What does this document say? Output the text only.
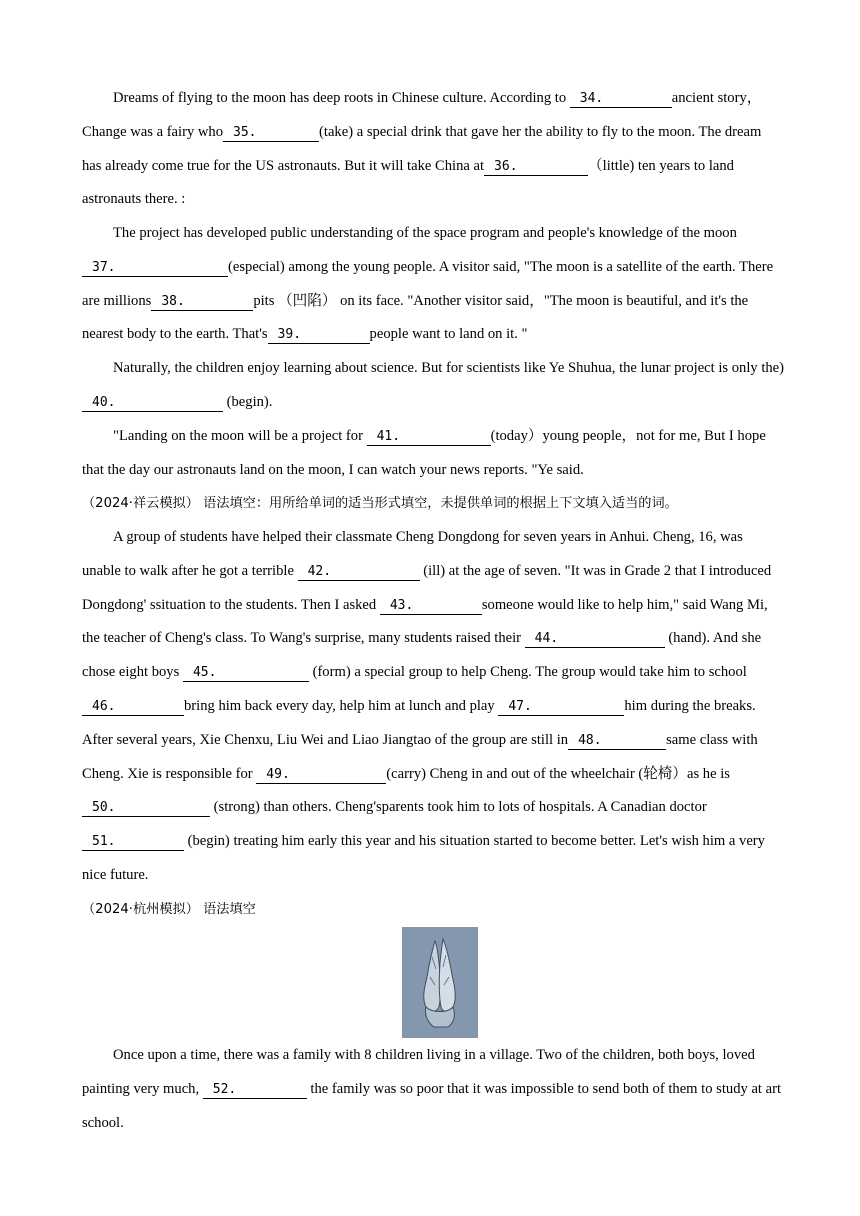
Dreams of flying to the moon has deep roots in Chinese culture. According to 34.	ancient story，Change was a fairy who 35.	(take) a special drink that gave her the ability to fly to the moon. The dream has already come true for the US astronauts. But it will take China at 36.	（little) ten years to land astronauts there. :

The project has developed public understanding of the space program and people's knowledge of the moon37.	(especial) among the young people. A visitor said, "The moon is a satellite of the earth. There are millions 38.	pits （凹陷） on its face. "Another visitor said，"The moon is beautiful, and it's the nearest body to the earth. That's 39.	people want to land on it. "

Naturally, the children enjoy learning about science. But for scientists like Ye Shuhua, the lunar project is only the)40.	(begin).

"Landing on the moon will be a project for 41.	(today）young people，not for me, But I hope that the day our astronauts land on the moon, I can watch your news reports. "Ye said.

（2024·祥云模拟） 语法填空：用所给单词的适当形式填空，未提供单词的根据上下文填入适当的词。

A group of students have helped their classmate Cheng Dongdong for seven years in Anhui. Cheng, 16, was unable to walk after he got a terrible 42.	(ill) at the age of seven. "It was in Grade 2 that I introduced Dongdong' ssituation to the students. Then I asked 43.	someone would like to help him," said Wang Mi, the teacher of Cheng's class. To Wang's surprise, many students raised their 44.	(hand). And she chose eight boys 45.	(form) a special group to help Cheng. The group would take him to school46.	bring him back every day, help him at lunch and play 47.	him during the breaks. After several years, Xie Chenxu, Liu Wei and Liao Jiangtao of the group are still in 48.	same class with Cheng. Xie is responsible for 49.	(carry) Cheng in and out of the wheelchair (轮椅）as he is 50.	(strong) than others. Cheng'sparents took him to lots of hospitals. A Canadian doctor 51.	(begin) treating him early this year and his situation started to become better. Let's wish him a very nice future.

（2024·杭州模拟） 语法填空

Once upon a time, there was a family with 8 children living in a village. Two of the children, both boys, loved painting very much, 52.	the family was so poor that it was impossible to send both of them to study at art school.
